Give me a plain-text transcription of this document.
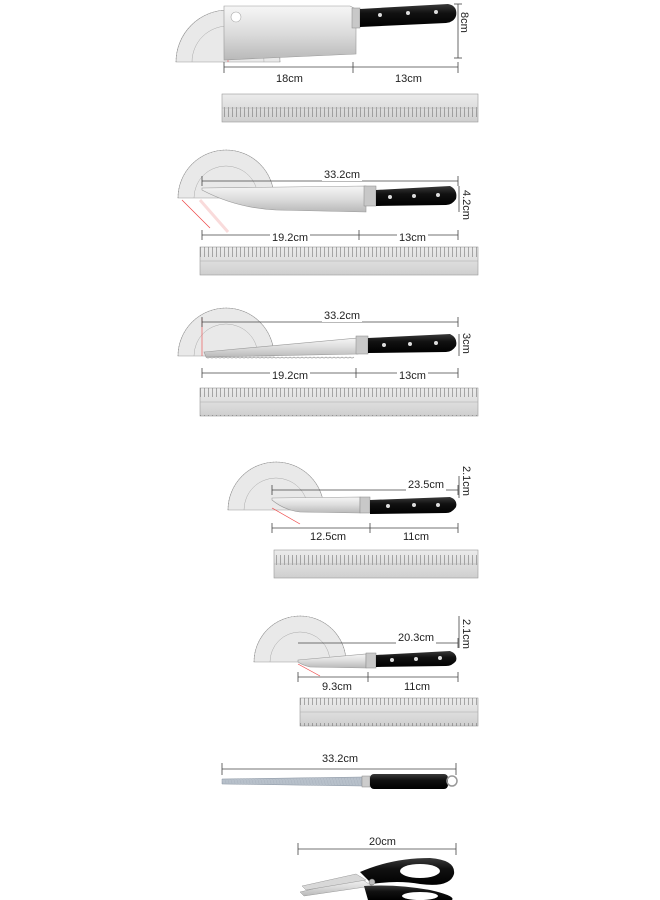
8cm
18cm	13cm
33.2cm
4.2cm
19.2cm	13cm
33.2cm
3cm
19.2cm	13cm
23.5cm 2.1cm
12.5cm	11cm
20.3cm 2.1cm
9.3cm	11cm
33.2cm
20cm
